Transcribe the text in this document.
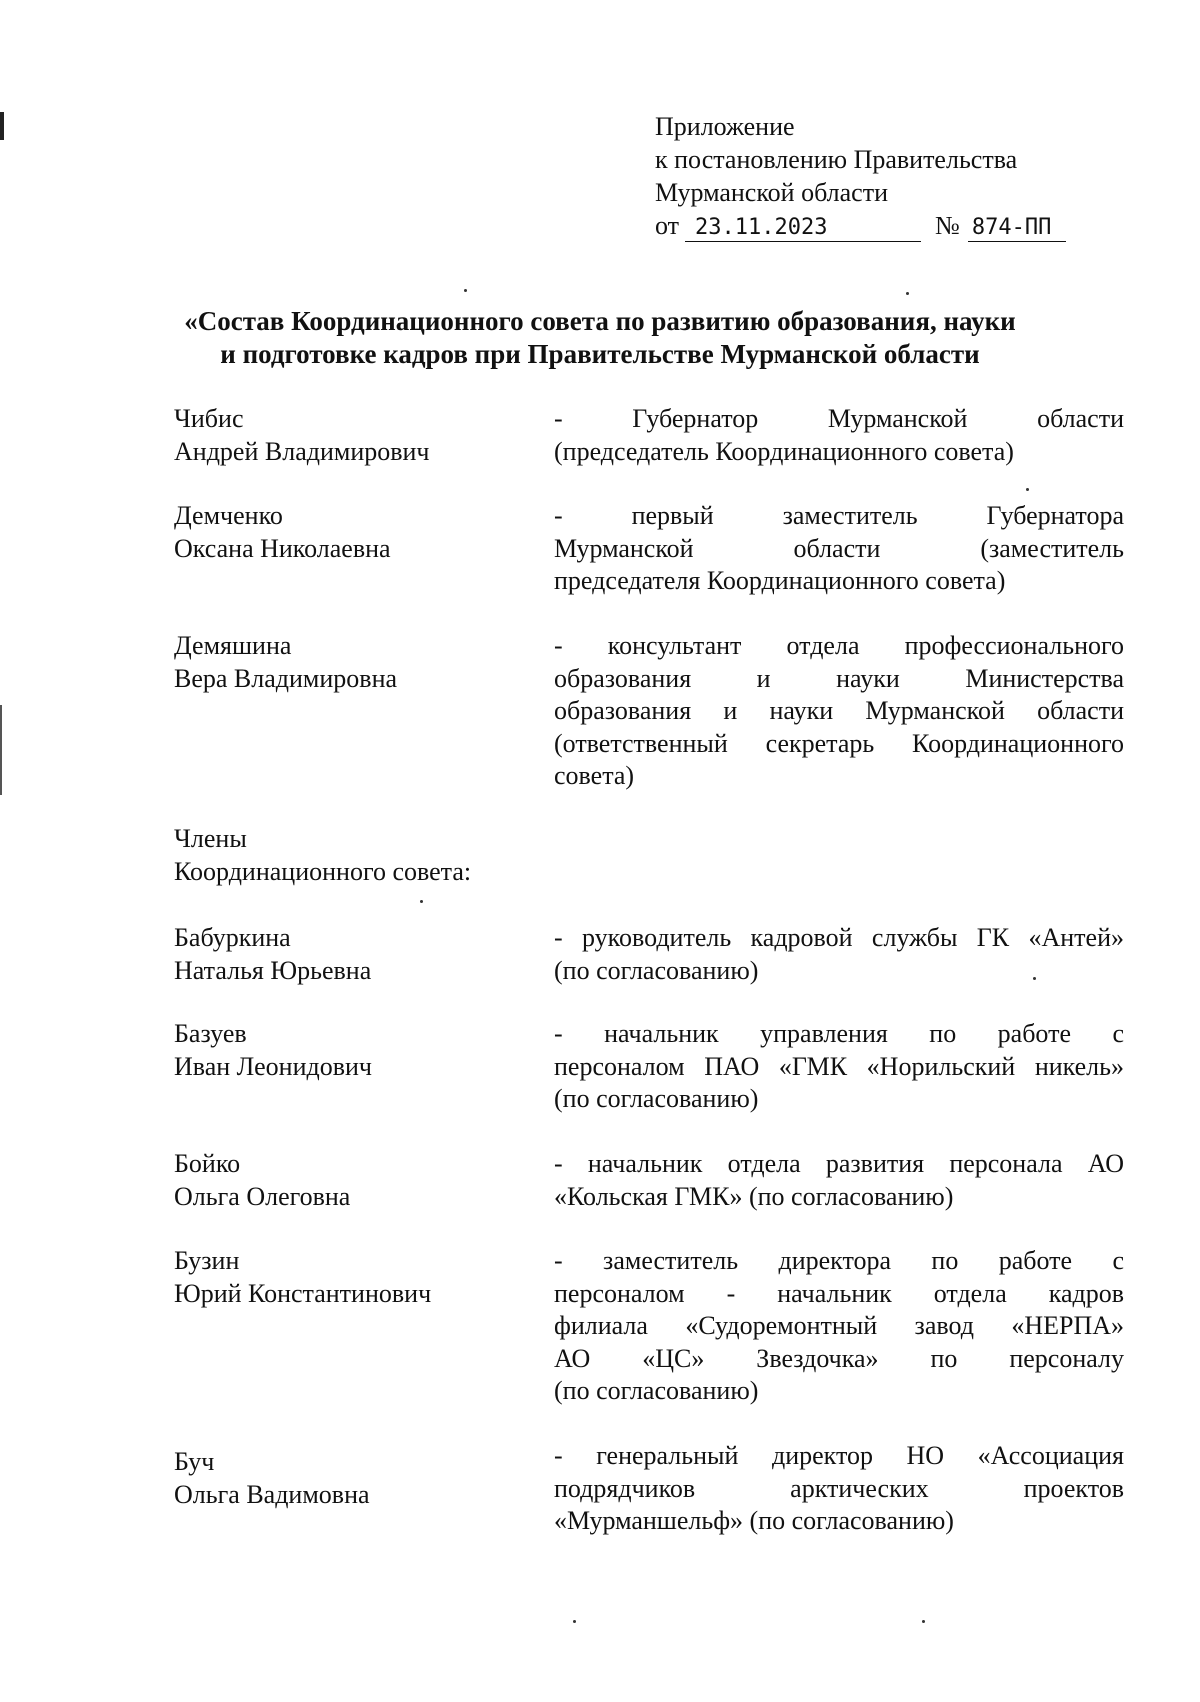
Приложение
к постановлению Правительства
Мурманской области
от 23.11.2023	№ 874-ПП
«Состав Координационного совета по развитию образования, науки
и подготовке кадров при Правительстве Мурманской области
Чибис
Андрей Владимирович
- Губернатор Мурманской области
(председатель Координационного совета)
Демченко
Оксана Николаевна
- первый заместитель Губернатора
Мурманской области (заместитель
председателя Координационного совета)
Демяшина
Вера Владимировна
- консультант отдела профессионального
образования и науки Министерства
образования и науки Мурманской области
(ответственный секретарь Координационного
совета)
Члены
Координационного совета:
Бабуркина
Наталья Юрьевна
- руководитель кадровой службы ГК «Антей»
(по согласованию)
Базуев
Иван Леонидович
- начальник управления по работе с
персоналом ПАО «ГМК «Норильский никель»
(по согласованию)
Бойко
Ольга Олеговна
- начальник отдела развития персонала АО
«Кольская ГМК» (по согласованию)
Бузин
Юрий Константинович
- заместитель директора по работе с
персоналом - начальник отдела кадров
филиала «Судоремонтный завод «НЕРПА»
АО «ЦС» Звездочка» по персоналу
(по согласованию)
Буч
Ольга Вадимовна
- генеральный директор НО «Ассоциация
подрядчиков арктических проектов
«Мурманшельф» (по согласованию)
